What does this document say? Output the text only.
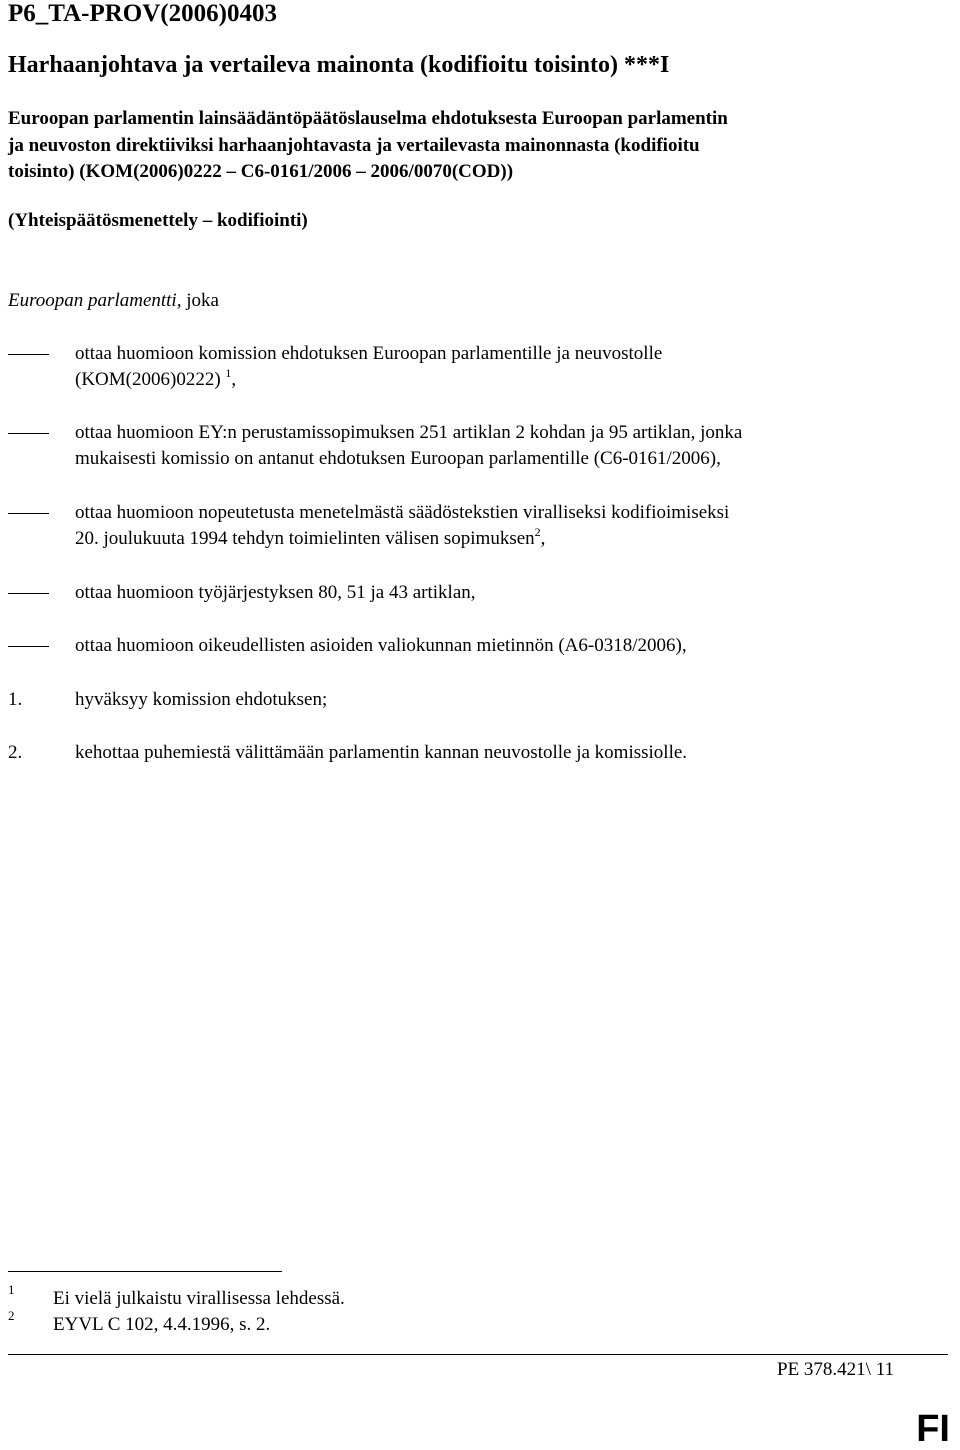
P6_TA-PROV(2006)0403
Harhaanjohtava ja vertaileva mainonta (kodifioitu toisinto) ***I
Euroopan parlamentin lainsäädäntöpäätöslauselma ehdotuksesta Euroopan parlamentin
ja neuvoston direktiiviksi harhaanjohtavasta ja vertailevasta mainonnasta (kodifioitu
toisinto) (KOM(2006)0222 – C6-0161/2006 – 2006/0070(COD))
(Yhteispäätösmenettely – kodifiointi)
Euroopan parlamentti, joka
ottaa huomioon komission ehdotuksen Euroopan parlamentille ja neuvostolle
(KOM(2006)0222) $^1$,
ottaa huomioon EY:n perustamissopimuksen 251 artiklan 2 kohdan ja 95 artiklan, jonka
mukaisesti komissio on antanut ehdotuksen Euroopan parlamentille (C6-0161/2006),
ottaa huomioon nopeutetusta menetelmästä säädöstekstien viralliseksi kodifioimiseksi
20. joulukuuta 1994 tehdyn toimielinten välisen sopimuksen$^2$,
ottaa huomioon työjärjestyksen 80, 51 ja 43 artiklan,
ottaa huomioon oikeudellisten asioiden valiokunnan mietinnön (A6-0318/2006),
1.	hyväksyy komission ehdotuksen;
2.	kehottaa puhemiestä välittämään parlamentin kannan neuvostolle ja komissiolle.
1 Ei vielä julkaistu virallisessa lehdessä.
2 EYVL C 102, 4.4.1996, s. 2.
PE 378.421\ 11
FI
